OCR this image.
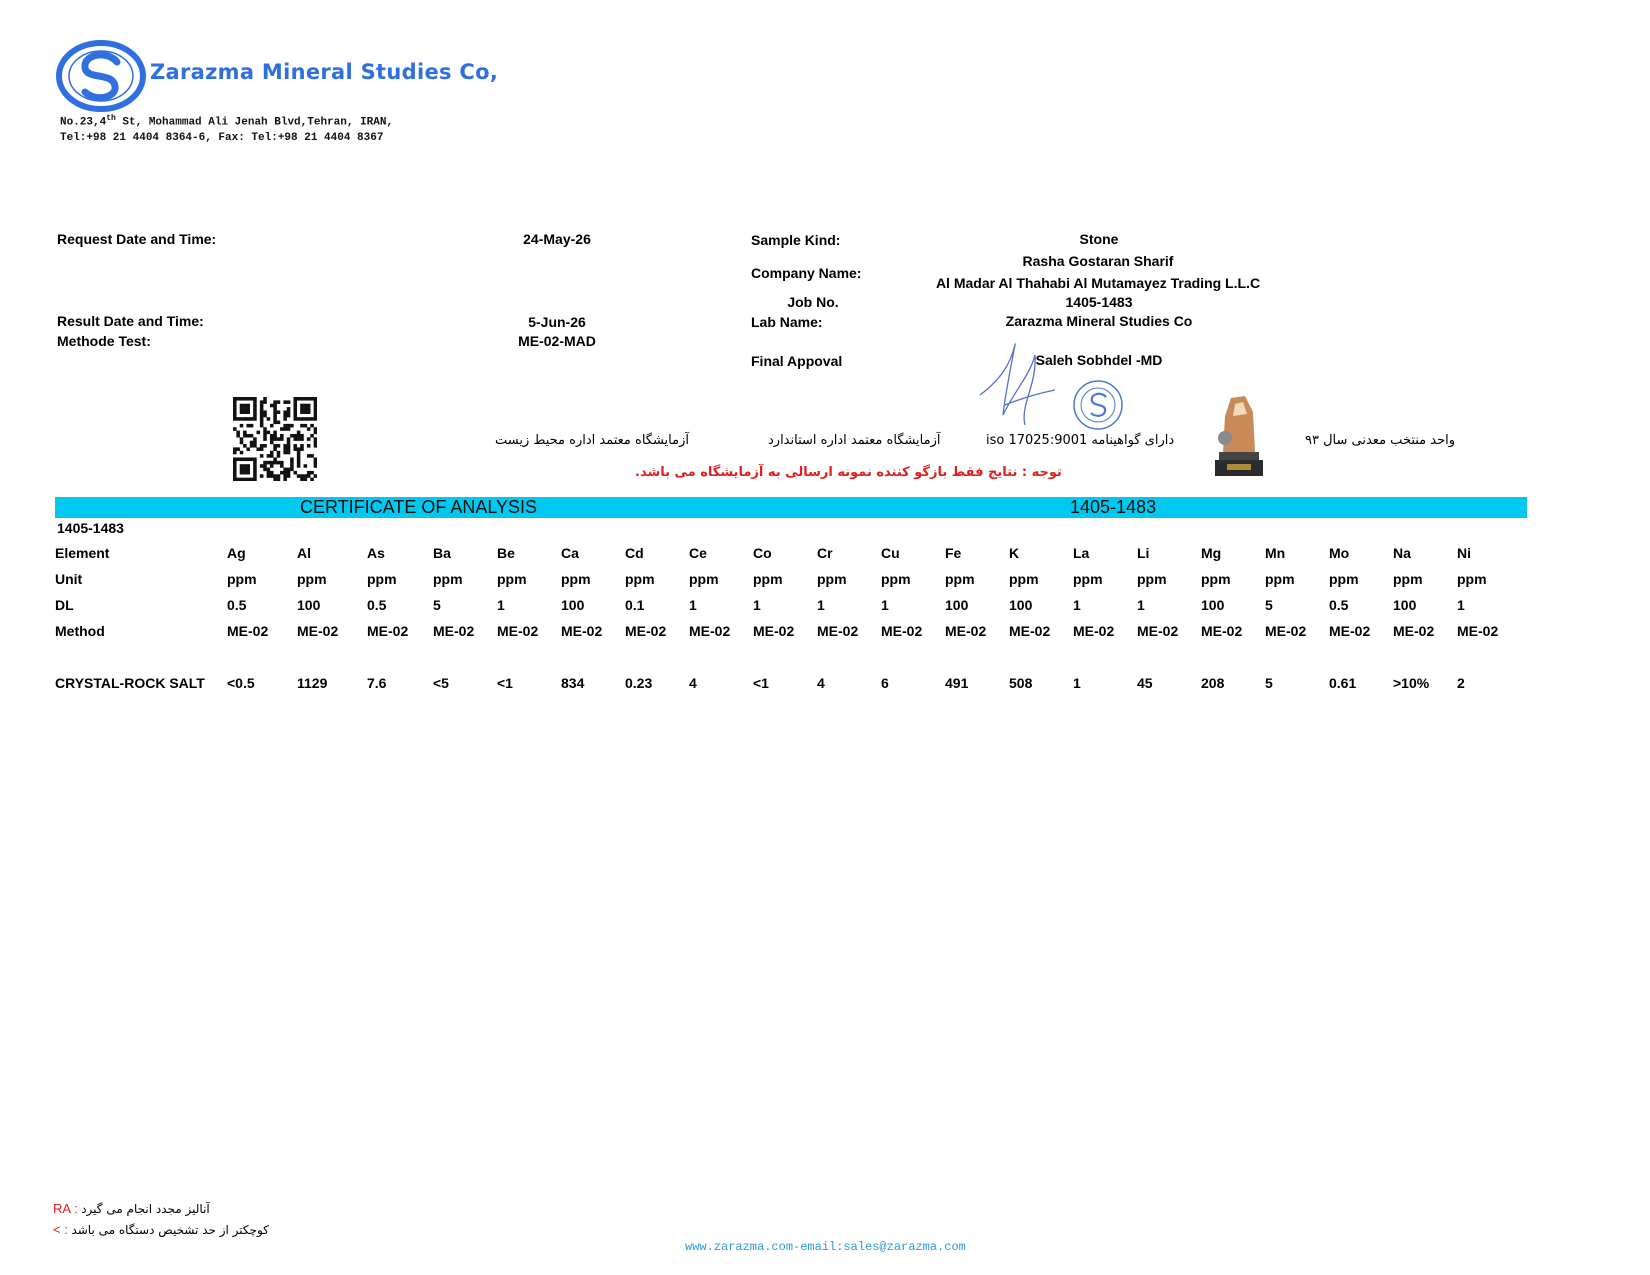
Zarazma Mineral Studies Co,
No.23,4th St, Mohammad Ali Jenah Blvd,Tehran, IRAN,
Tel:+98 21 4404 8364-6, Fax: Tel:+98 21 4404 8367
Request Date and Time:	24-May-26
Result Date and Time:	5-Jun-26
Methode Test:	ME-02-MAD
Sample Kind:	Stone
Company Name:
Rasha Gostaran Sharif
Al Madar Al Thahabi Al Mutamayez Trading L.L.C
Job No.	1405-1483
Lab Name:	Zarazma Mineral Studies Co
Final Appoval	Saleh Sobhdel -MD
آزمایشگاه معتمد اداره محیط زیست	آزمایشگاه معتمد اداره استاندارد	دارای گواهینامه iso 17025:9001	واحد منتخب معدنی سال ۹۳
توجه : نتایج فقط بازگو کننده نمونه ارسالی به آزمایشگاه می باشد.
CERTIFICATE OF ANALYSIS	1405-1483
1405-1483
Element	Ag	Al	As	Ba	Be	Ca	Cd	Ce	Co	Cr	Cu	Fe	K	La	Li	Mg	Mn	Mo	Na	Ni
Unit	ppm	ppm	ppm	ppm	ppm	ppm	ppm	ppm	ppm	ppm	ppm	ppm	ppm	ppm	ppm	ppm	ppm	ppm	ppm	ppm
DL	0.5	100	0.5	5	1	100	0.1	1	1	1	1	100	100	1	1	100	5	0.5	100	1
Method	ME-02	ME-02	ME-02	ME-02	ME-02	ME-02	ME-02	ME-02	ME-02	ME-02	ME-02	ME-02	ME-02	ME-02	ME-02	ME-02	ME-02	ME-02	ME-02	ME-02

CRYSTAL-ROCK SALT	<0.5	1129	7.6	<5	<1	834	0.23	4	<1	4	6	491	508	1	45	208	5	0.61	>10%	2
RA : آنالیز مجدد انجام می گیرد
< : کوچکتر از حد تشخیص دستگاه می باشد
www.zarazma.com-email:sales@zarazma.com
